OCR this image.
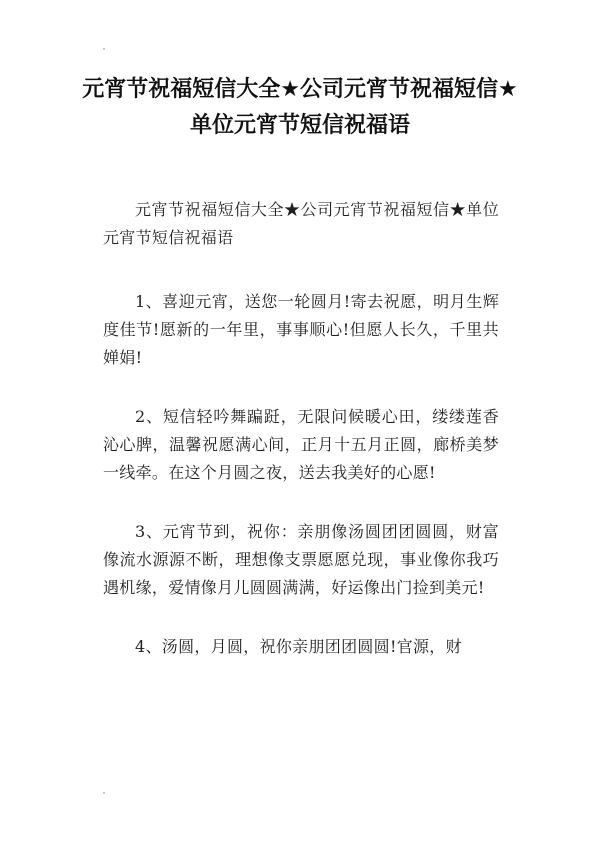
元宵节祝福短信大全★公司元宵节祝福短信★单位元宵节短信祝福语

元宵节祝福短信大全★公司元宵节祝福短信★单位元宵节短信祝福语

1、喜迎元宵，送您一轮圆月!寄去祝愿，明月生辉度佳节!愿新的一年里，事事顺心!但愿人长久，千里共婵娟!

2、短信轻吟舞蹁跹，无限问候暖心田，缕缕莲香沁心脾，温馨祝愿满心间，正月十五月正圆，廊桥美梦一线牵。在这个月圆之夜，送去我美好的心愿!

3、元宵节到，祝你：亲朋像汤圆团团圆圆，财富像流水源源不断，理想像支票愿愿兑现，事业像你我巧遇机缘，爱情像月儿圆圆满满，好运像出门捡到美元!

4、汤圆，月圆，祝你亲朋团团圆圆!官源，财
